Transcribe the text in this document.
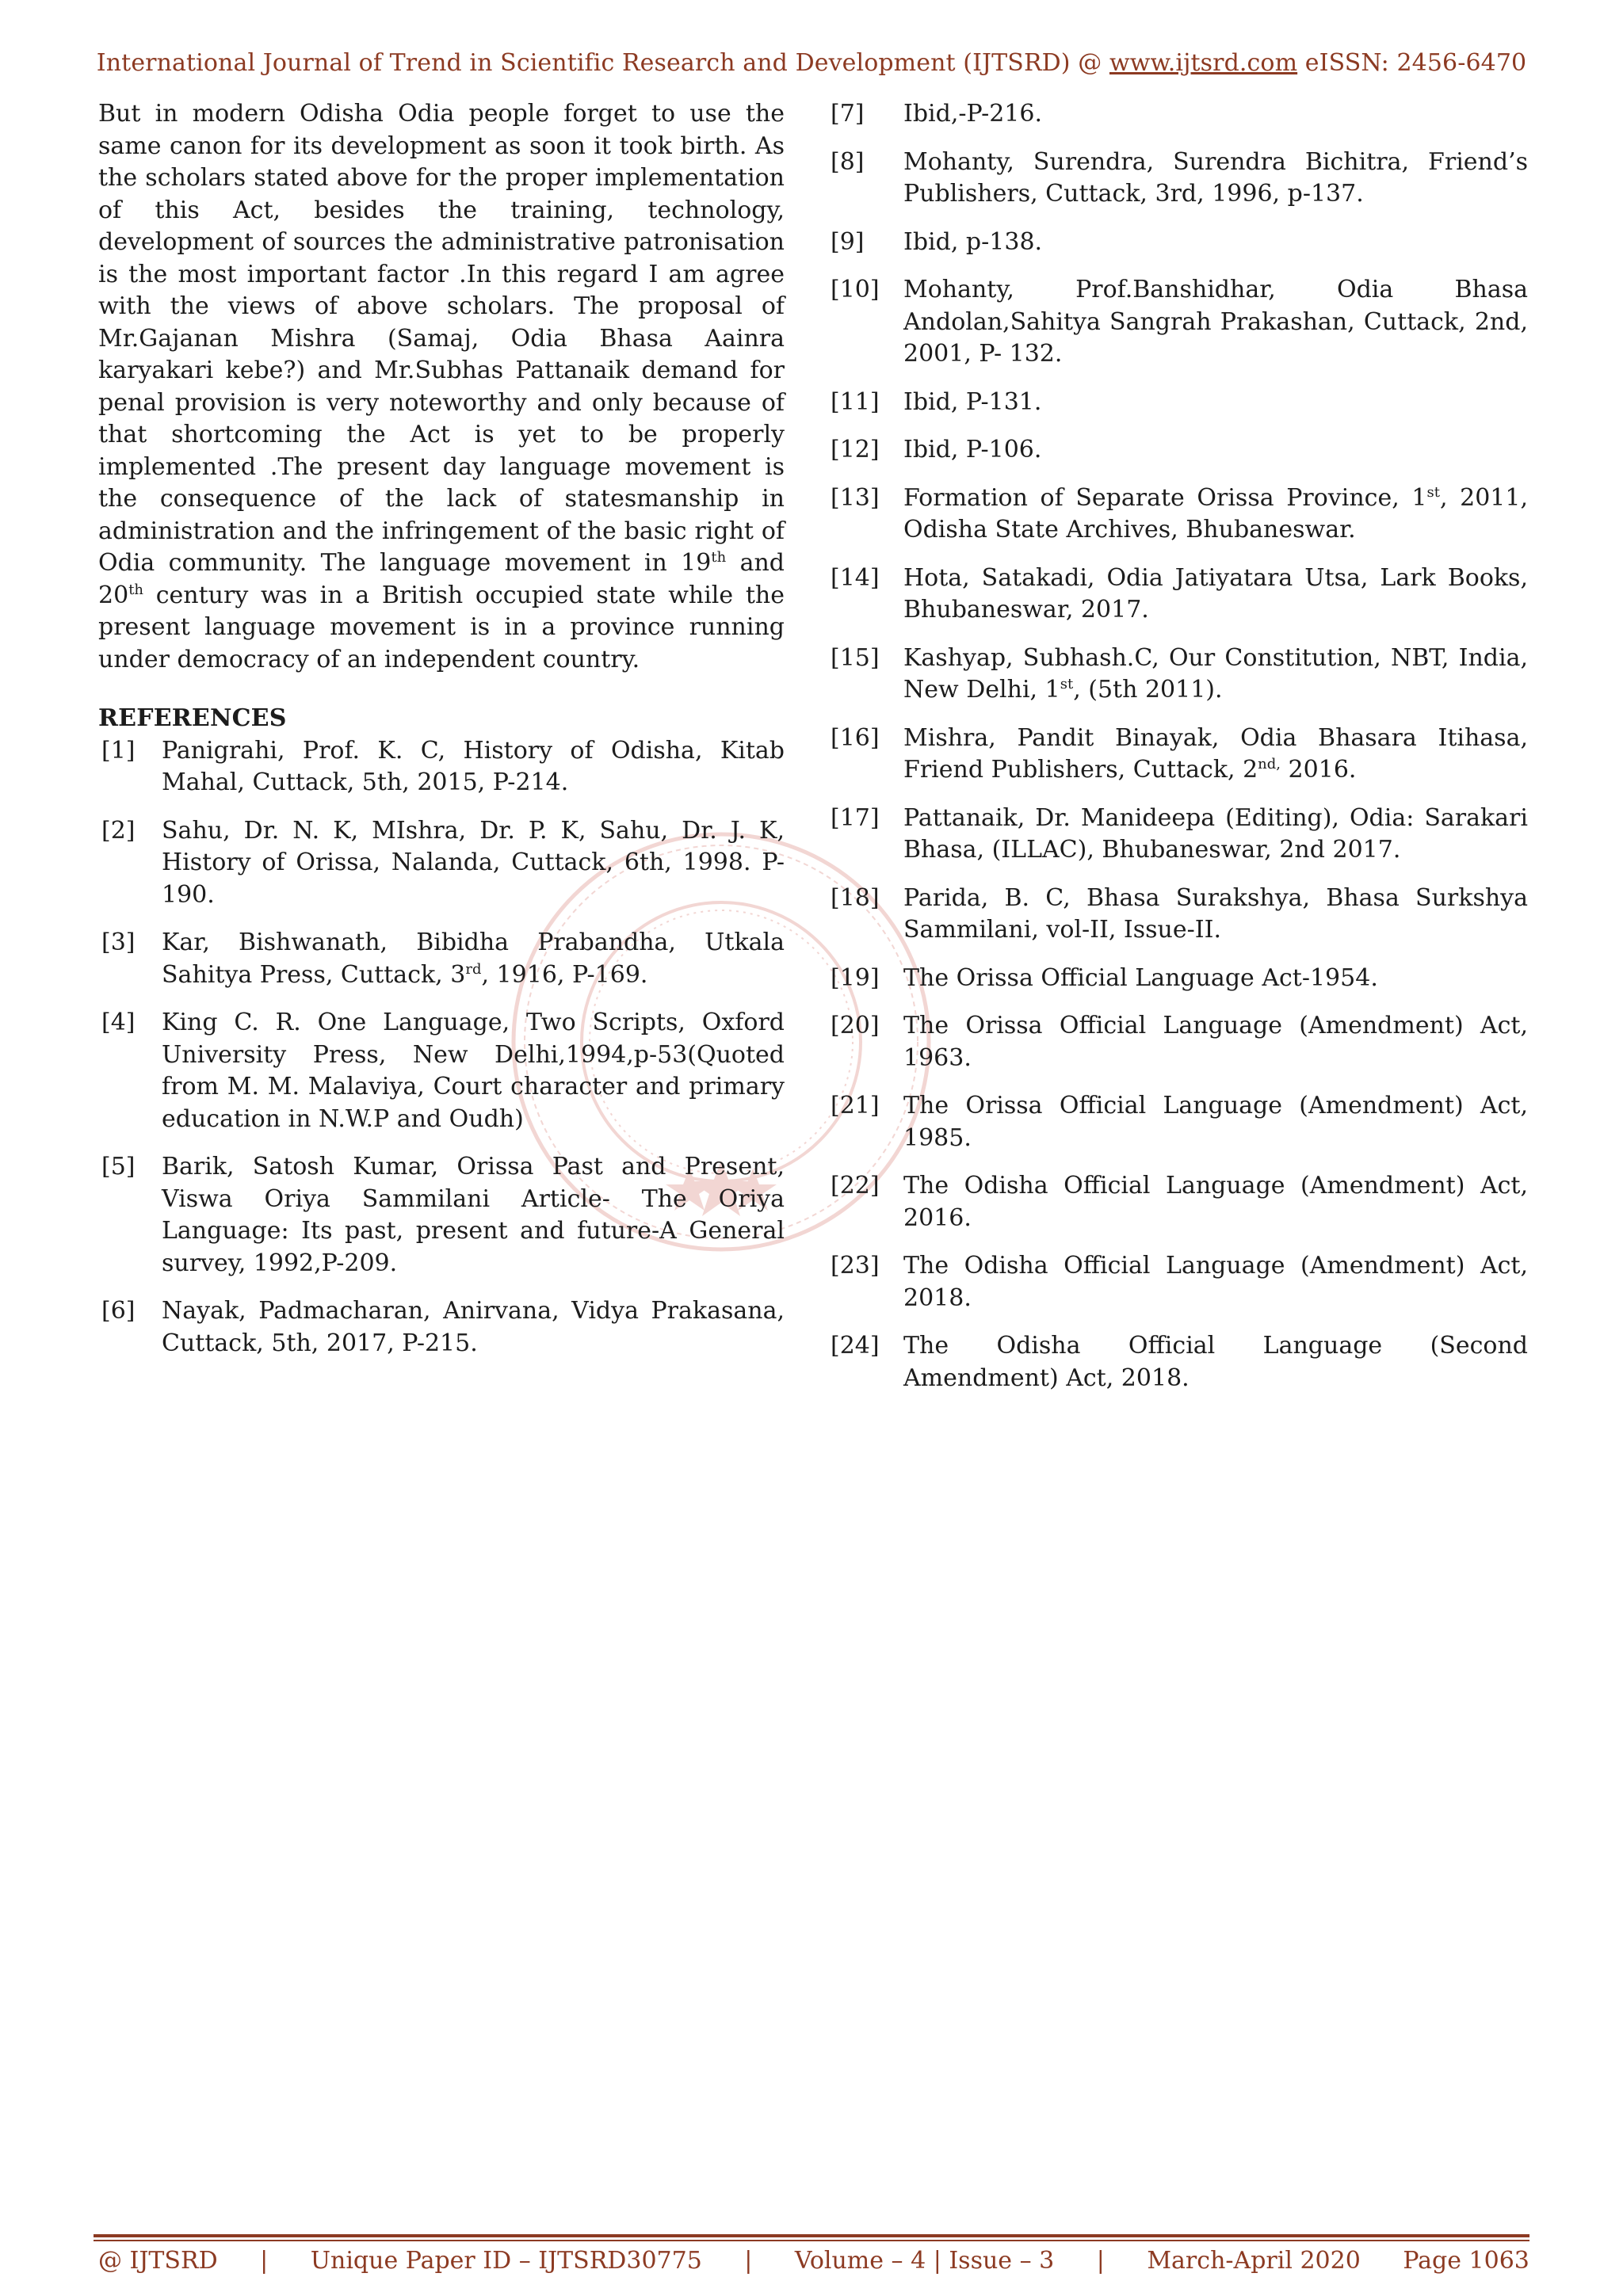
International Journal of Trend in Scientific Research and Development (IJTSRD) @ www.ijtsrd.com eISSN: 2456-6470

But in modern Odisha Odia people forget to use the same canon for its development as soon it took birth. As the scholars stated above for the proper implementation of this Act, besides the training, technology, development of sources the administrative patronisation is the most important factor .In this regard I am agree with the views of above scholars. The proposal of Mr.Gajanan Mishra (Samaj, Odia Bhasa Aainra karyakari kebe?) and Mr.Subhas Pattanaik demand for penal provision is very noteworthy and only because of that shortcoming the Act is yet to be properly implemented .The present day language movement is the consequence of the lack of statesmanship in administration and the infringement of the basic right of Odia community. The language movement in 19th and 20th century was in a British occupied state while the present language movement is in a province running under democracy of an independent country.

REFERENCES
[1]	Panigrahi, Prof. K. C, History of Odisha, Kitab Mahal, Cuttack, 5th, 2015, P-214.
[2]	Sahu, Dr. N. K, MIshra, Dr. P. K, Sahu, Dr. J. K, History of Orissa, Nalanda, Cuttack, 6th, 1998. P-190.
[3]	Kar, Bishwanath, Bibidha Prabandha, Utkala Sahitya Press, Cuttack, 3rd, 1916, P-169.
[4]	King C. R. One Language, Two Scripts, Oxford University Press, New Delhi,1994,p-53(Quoted from M. M. Malaviya, Court character and primary education in N.W.P and Oudh)
[5]	Barik, Satosh Kumar, Orissa Past and Present, Viswa Oriya Sammilani Article- The Oriya Language: Its past, present and future-A General survey, 1992,P-209.
[6]	Nayak, Padmacharan, Anirvana, Vidya Prakasana, Cuttack, 5th, 2017, P-215.
[7]	Ibid,-P-216.
[8]	Mohanty, Surendra, Surendra Bichitra, Friend’s Publishers, Cuttack, 3rd, 1996, p-137.
[9]	Ibid, p-138.
[10]	Mohanty, Prof.Banshidhar, Odia Bhasa Andolan,Sahitya Sangrah Prakashan, Cuttack, 2nd, 2001, P- 132.
[11]	Ibid, P-131.
[12]	Ibid, P-106.
[13]	Formation of Separate Orissa Province, 1st, 2011, Odisha State Archives, Bhubaneswar.
[14]	Hota, Satakadi, Odia Jatiyatara Utsa, Lark Books, Bhubaneswar, 2017.
[15]	Kashyap, Subhash.C, Our Constitution, NBT, India, New Delhi, 1st, (5th 2011).
[16]	Mishra, Pandit Binayak, Odia Bhasara Itihasa, Friend Publishers, Cuttack, $2^{nd,}$ 2016.
[17]	Pattanaik, Dr. Manideepa (Editing), Odia: Sarakari Bhasa, (ILLAC), Bhubaneswar, 2nd 2017.
[18]	Parida, B. C, Bhasa Surakshya, Bhasa Surkshya Sammilani, vol-II, Issue-II.
[19]	The Orissa Official Language Act-1954.
[20]	The Orissa Official Language (Amendment) Act, 1963.
[21]	The Orissa Official Language (Amendment) Act, 1985.
[22]	The Odisha Official Language (Amendment) Act, 2016.
[23]	The Odisha Official Language (Amendment) Act, 2018.
[24]	The Odisha Official Language (Second Amendment) Act, 2018.
@ IJTSRD | Unique Paper ID – IJTSRD30775 | Volume – 4 | Issue – 3 | March-April 2020 Page 1063
